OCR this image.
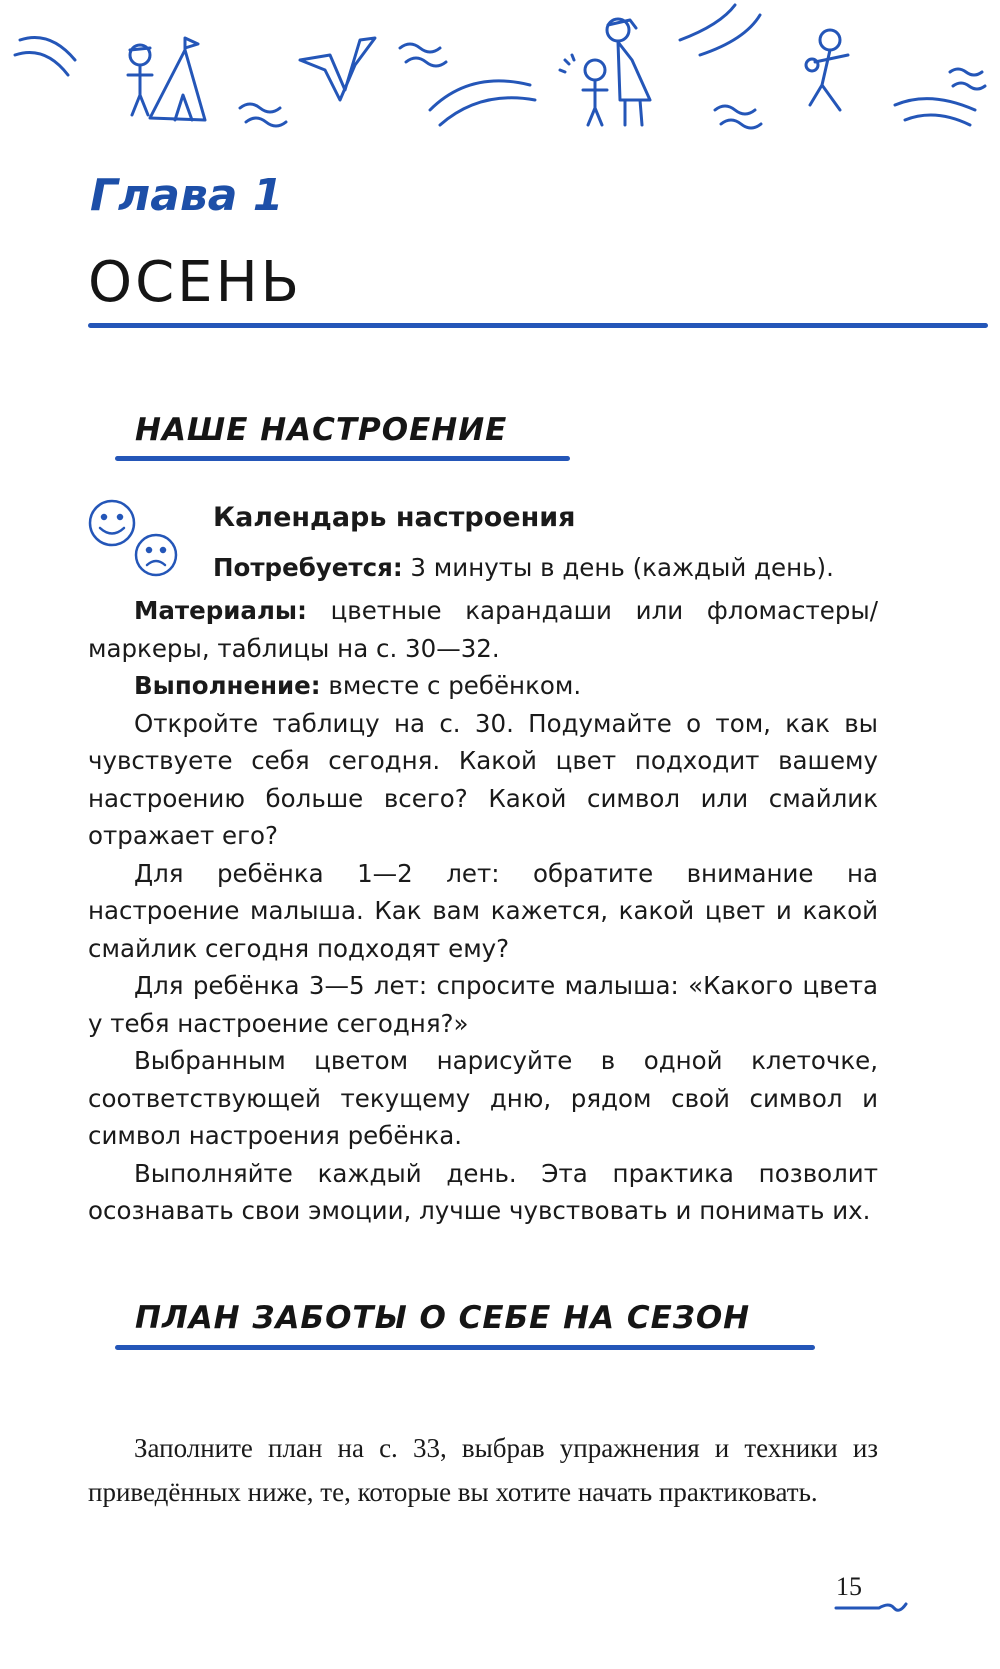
Глава 1
ОСЕНЬ
НАШЕ НАСТРОЕНИЕ
Календарь настроения
Потребуется: 3 минуты в день (каждый день).

Материалы: цветные карандаши или фломастеры/маркеры, таблицы на с. 30—32.

Выполнение: вместе с ребёнком.

Откройте таблицу на с. 30. Подумайте о том, как вы чувствуете себя сегодня. Какой цвет подходит вашему настроению больше всего? Какой символ или смайлик отражает его?

Для ребёнка 1—2 лет: обратите внимание на настроение малыша. Как вам кажется, какой цвет и какой смайлик сегодня подходят ему?

Для ребёнка 3—5 лет: спросите малыша: «Какого цвета у тебя настроение сегодня?»

Выбранным цветом нарисуйте в одной клеточке, соответствующей текущему дню, рядом свой символ и символ настроения ребёнка.

Выполняйте каждый день. Эта практика позволит осознавать свои эмоции, лучше чувствовать и понимать их.

ПЛАН ЗАБОТЫ О СЕБЕ НА СЕЗОН

Заполните план на с. 33, выбрав упражнения и техники из приведённых ниже, те, которые вы хотите начать практиковать.

15
